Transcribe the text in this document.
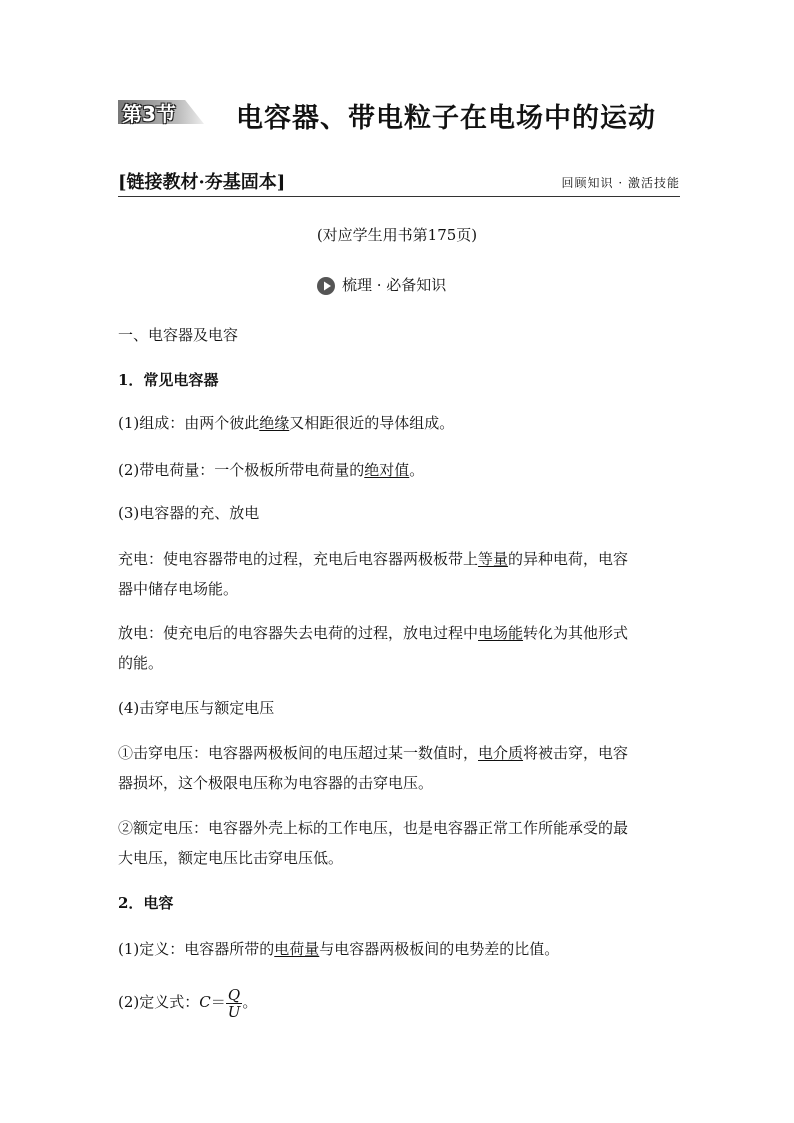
第3节 电容器、带电粒子在电场中的运动
[链接教材·夯基固本]	回顾知识 · 激活技能
(对应学生用书第175页)
梳理 · 必备知识
一、电容器及电容
1．常见电容器
(1)组成：由两个彼此绝缘又相距很近的导体组成。
(2)带电荷量：一个极板所带电荷量的绝对值。
(3)电容器的充、放电
充电：使电容器带电的过程，充电后电容器两极板带上等量的异种电荷，电容
器中储存电场能。
放电：使充电后的电容器失去电荷的过程，放电过程中电场能转化为其他形式
的能。
(4)击穿电压与额定电压
①击穿电压：电容器两极板间的电压超过某一数值时，电介质将被击穿，电容
器损坏，这个极限电压称为电容器的击穿电压。
②额定电压：电容器外壳上标的工作电压，也是电容器正常工作所能承受的最
大电压，额定电压比击穿电压低。
2．电容
(1)定义：电容器所带的电荷量与电容器两极板间的电势差的比值。
(2)定义式：$C= \frac{Q}{U}$ 。
